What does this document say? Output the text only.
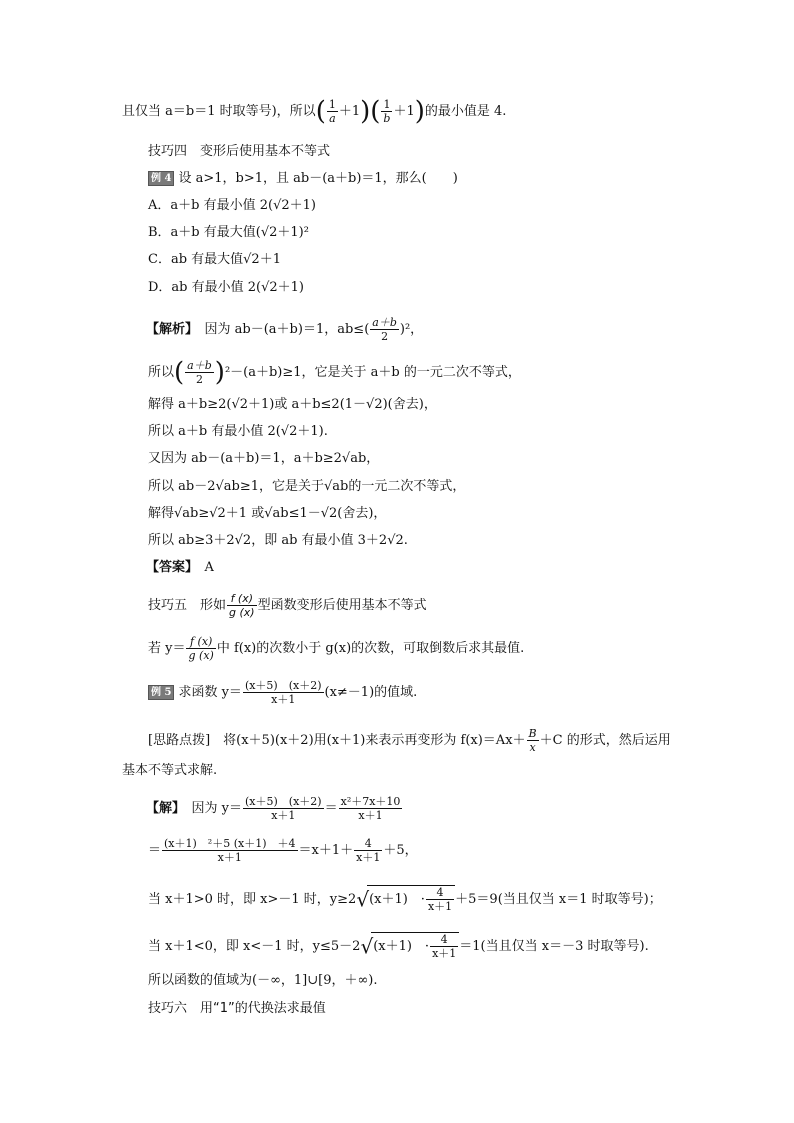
且仅当 a＝b＝1 时取等号)，所以( $\frac{1}{a} +1)( \frac{1}{b} +1)$的最小值是 4.
技巧四　变形后使用基本不等式
例 4 设 a>1，b>1，且 ab－(a＋b)＝1，那么(　　)
A．a＋b 有最小值 2(√2＋1)
B．a＋b 有最大值(√2＋1)²
C．ab 有最大值√2＋1
D．ab 有最小值 2(√2＋1)
【解析】　 因为 ab－(a＋b)＝1，$ab\le( \frac{a+b}{2} )^2$，
所以( $\frac{a+b}{2} )^2-(a+b)\ge 1$，它是关于 a＋b 的一元二次不等式，
解得 a＋b≥2(√2＋1)或 a＋b≤2(1－√2)(舍去)，
所以 a＋b 有最小值 2(√2＋1).
又因为 ab－(a＋b)＝1，a＋b≥2√ab，
所以 ab－2√ab≥1，它是关于√ab的一元二次不等式，
解得√ab≥√2＋1 或√ab≤1－√2(舍去)，
所以 ab≥3＋2√2，即 ab 有最小值 3＋2√2.
【答案】　 A
技巧五　形如 $\frac{f (x)}{g (x)}$ 型函数变形后使用基本不等式
若 $y= \frac{f (x)}{g (x)}$ 中 f(x)的次数小于 g(x)的次数，可取倒数后求其最值.
例 5 求函数 $y= \frac{(x+5) (x+2)}{x+1} (x\ne-1)$的值域.
[思路点拨]　将(x＋5)(x＋2)用(x＋1)来表示再变形为 $f(x)=Ax+ \frac{B}{x} +C$ 的形式，然后运用
基本不等式求解.
【解】　 因为 $y= \frac{(x+5) (x+2)}{x+1} = \frac{\text{x²＋7x＋10}}{x+1}$
＝ $\frac{\text{(x＋1)　²＋5 (x＋1)　＋4}}{x+1} =x+1+ \frac{4}{x+1} +5$，
当 x＋1>0 时，即 x>－1 时，y≥2√(x＋1)　· $\frac{4}{x+1} +5=9$(当且仅当 x＝1 时取等号)；
当 x＋1<0，即 x<－1 时，y≤5－2√(x＋1)　· $\frac{4}{x+1} =1$(当且仅当 x＝－3 时取等号).
所以函数的值域为(－∞，1]∪[9，＋∞).
技巧六　用“1”的代换法求最值
